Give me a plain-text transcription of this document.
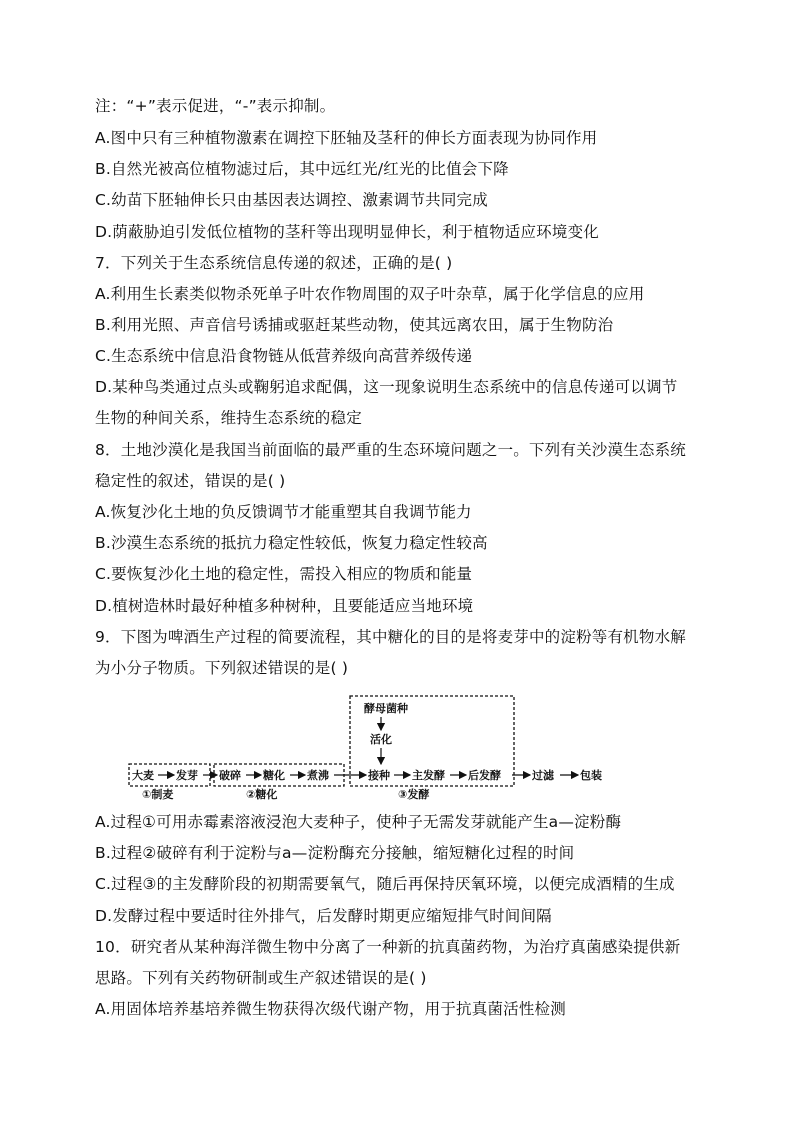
注：“+”表示促进，“-”表示抑制。
A.图中只有三种植物激素在调控下胚轴及茎秆的伸长方面表现为协同作用
B.自然光被高位植物滤过后，其中远红光/红光的比值会下降
C.幼苗下胚轴伸长只由基因表达调控、激素调节共同完成
D.荫蔽胁迫引发低位植物的茎秆等出现明显伸长，利于植物适应环境变化
7．下列关于生态系统信息传递的叙述，正确的是( )
A.利用生长素类似物杀死单子叶农作物周围的双子叶杂草，属于化学信息的应用
B.利用光照、声音信号诱捕或驱赶某些动物，使其远离农田，属于生物防治
C.生态系统中信息沿食物链从低营养级向高营养级传递
D.某种鸟类通过点头或鞠躬追求配偶，这一现象说明生态系统中的信息传递可以调节
生物的种间关系，维持生态系统的稳定
8．土地沙漠化是我国当前面临的最严重的生态环境问题之一。下列有关沙漠生态系统
稳定性的叙述，错误的是( )
A.恢复沙化土地的负反馈调节才能重塑其自我调节能力
B.沙漠生态系统的抵抗力稳定性较低，恢复力稳定性较高
C.要恢复沙化土地的稳定性，需投入相应的物质和能量
D.植树造林时最好种植多种树种，且要能适应当地环境
9．下图为啤酒生产过程的简要流程，其中糖化的目的是将麦芽中的淀粉等有机物水解
为小分子物质。下列叙述错误的是( )
酵母菌种
活化
大麦 发芽 破碎 糖化 煮沸	接种 主发酵 后发酵	过滤 包装
①制麦	②糖化	③发酵
A.过程①可用赤霉素溶液浸泡大麦种子，使种子无需发芽就能产生a—淀粉酶
B.过程②破碎有利于淀粉与a—淀粉酶充分接触，缩短糖化过程的时间
C.过程③的主发酵阶段的初期需要氧气，随后再保持厌氧环境，以便完成酒精的生成
D.发酵过程中要适时往外排气，后发酵时期更应缩短排气时间间隔
10．研究者从某种海洋微生物中分离了一种新的抗真菌药物，为治疗真菌感染提供新
思路。下列有关药物研制或生产叙述错误的是( )
A.用固体培养基培养微生物获得次级代谢产物，用于抗真菌活性检测
